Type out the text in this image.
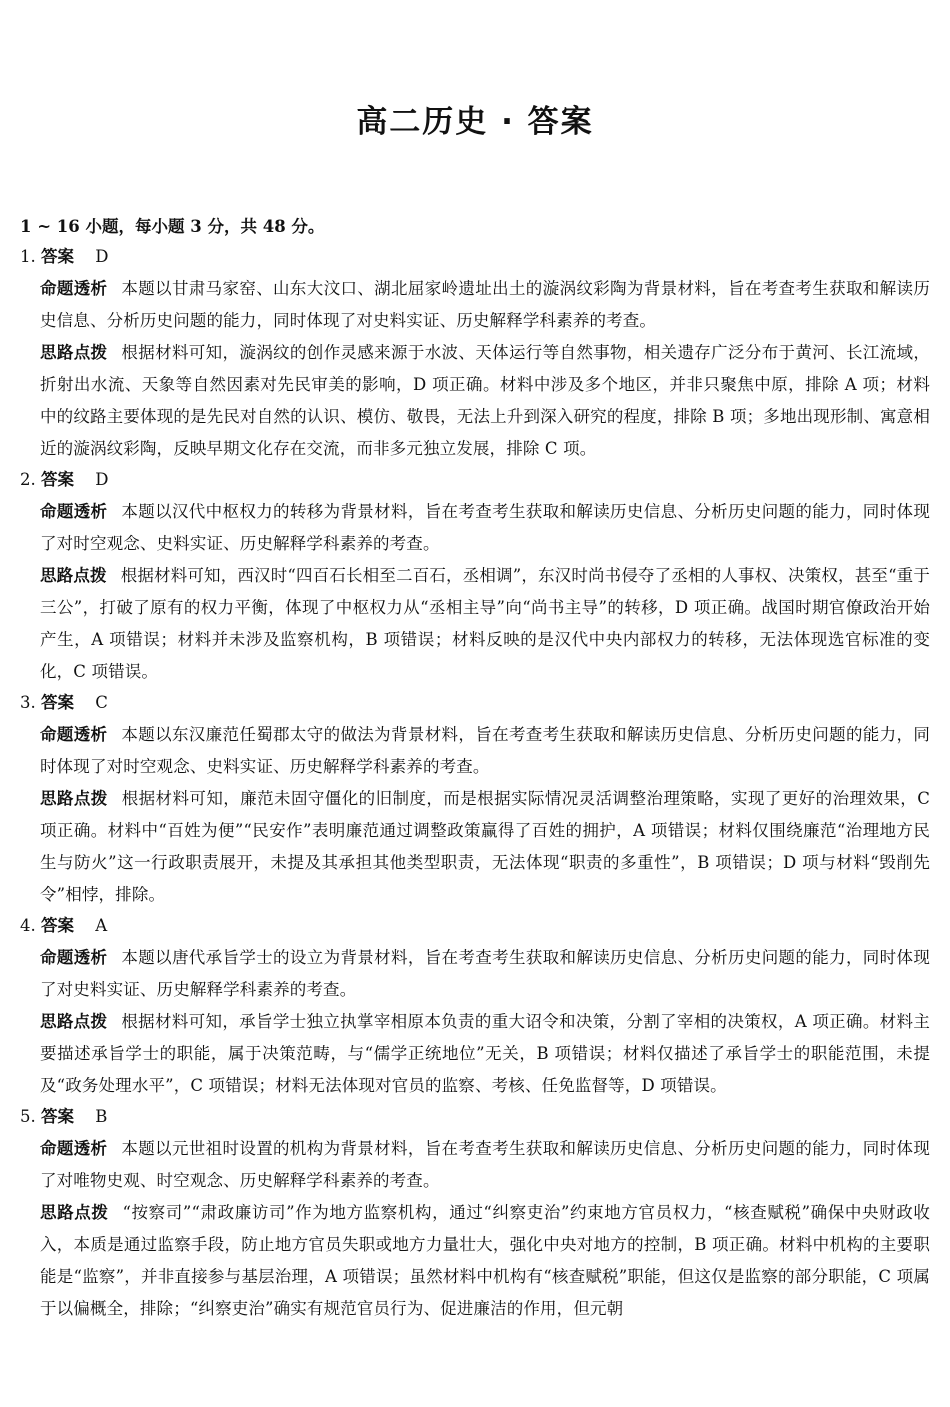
高二历史 · 答案
1 ~ 16 小题，每小题 3 分，共 48 分。
1. 答案 D
命题透析 本题以甘肃马家窑、山东大汶口、湖北屈家岭遗址出土的漩涡纹彩陶为背景材料，旨在考查考生获取和解读历史信息、分析历史问题的能力，同时体现了对史料实证、历史解释学科素养的考查。
思路点拨 根据材料可知，漩涡纹的创作灵感来源于水波、天体运行等自然事物，相关遗存广泛分布于黄河、长江流域，折射出水流、天象等自然因素对先民审美的影响，D 项正确。材料中涉及多个地区，并非只聚焦中原，排除 A 项；材料中的纹路主要体现的是先民对自然的认识、模仿、敬畏，无法上升到深入研究的程度，排除 B 项；多地出现形制、寓意相近的漩涡纹彩陶，反映早期文化存在交流，而非多元独立发展，排除 C 项。
2. 答案 D
命题透析 本题以汉代中枢权力的转移为背景材料，旨在考查考生获取和解读历史信息、分析历史问题的能力，同时体现了对时空观念、史料实证、历史解释学科素养的考查。
思路点拨 根据材料可知，西汉时“四百石长相至二百石，丞相调”，东汉时尚书侵夺了丞相的人事权、决策权，甚至“重于三公”，打破了原有的权力平衡，体现了中枢权力从“丞相主导”向“尚书主导”的转移，D 项正确。战国时期官僚政治开始产生，A 项错误；材料并未涉及监察机构，B 项错误；材料反映的是汉代中央内部权力的转移，无法体现选官标准的变化，C 项错误。
3. 答案 C
命题透析 本题以东汉廉范任蜀郡太守的做法为背景材料，旨在考查考生获取和解读历史信息、分析历史问题的能力，同时体现了对时空观念、史料实证、历史解释学科素养的考查。
思路点拨 根据材料可知，廉范未固守僵化的旧制度，而是根据实际情况灵活调整治理策略，实现了更好的治理效果，C 项正确。材料中“百姓为便”“民安作”表明廉范通过调整政策赢得了百姓的拥护，A 项错误；材料仅围绕廉范“治理地方民生与防火”这一行政职责展开，未提及其承担其他类型职责，无法体现“职责的多重性”，B 项错误；D 项与材料“毁削先令”相悖，排除。
4. 答案 A
命题透析 本题以唐代承旨学士的设立为背景材料，旨在考查考生获取和解读历史信息、分析历史问题的能力，同时体现了对史料实证、历史解释学科素养的考查。
思路点拨 根据材料可知，承旨学士独立执掌宰相原本负责的重大诏令和决策，分割了宰相的决策权，A 项正确。材料主要描述承旨学士的职能，属于决策范畴，与“儒学正统地位”无关，B 项错误；材料仅描述了承旨学士的职能范围，未提及“政务处理水平”，C 项错误；材料无法体现对官员的监察、考核、任免监督等，D 项错误。
5. 答案 B
命题透析 本题以元世祖时设置的机构为背景材料，旨在考查考生获取和解读历史信息、分析历史问题的能力，同时体现了对唯物史观、时空观念、历史解释学科素养的考查。
思路点拨 “按察司”“肃政廉访司”作为地方监察机构，通过“纠察吏治”约束地方官员权力，“核查赋税”确保中央财政收入，本质是通过监察手段，防止地方官员失职或地方力量壮大，强化中央对地方的控制，B 项正确。材料中机构的主要职能是“监察”，并非直接参与基层治理，A 项错误；虽然材料中机构有“核查赋税”职能，但这仅是监察的部分职能，C 项属于以偏概全，排除；“纠察吏治”确实有规范官员行为、促进廉洁的作用，但元朝
